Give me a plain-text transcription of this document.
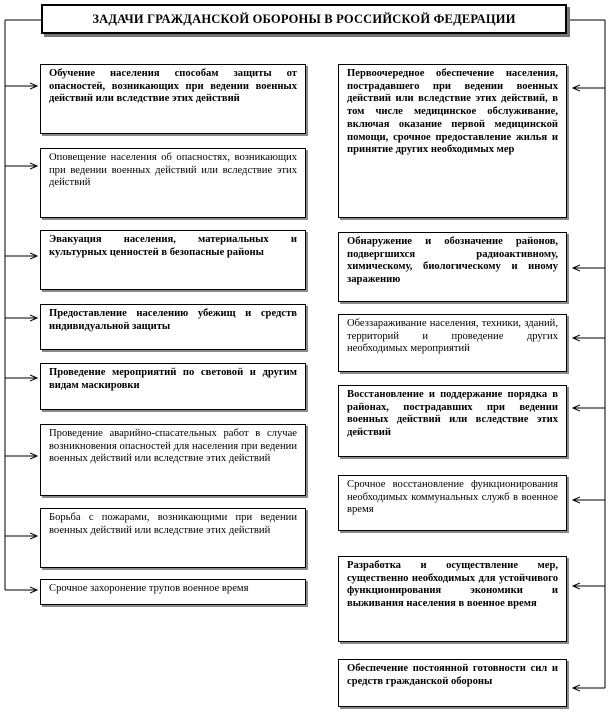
ЗАДАЧИ ГРАЖДАНСКОЙ ОБОРОНЫ В РОССИЙСКОЙ ФЕДЕРАЦИИ
Обучение населения способам защиты от опасностей, возникающих при ведении военных действий или вследствие этих действий
Оповещение населения об опасностях, возникающих при ведении военных действий или вследствие этих действий
Эвакуация населения, материальных и культурных ценностей в безопасные районы
Предоставление населению убежищ и средств индивидуальной защиты
Проведение мероприятий по световой и другим видам маскировки
Проведение аварийно-спасательных работ в случае возникновения опасностей для населения при ведении военных действий или вследствие этих действий
Борьба с пожарами, возникающими при ведении военных действий или вследствие этих действий
Срочное захоронение трупов военное время
Первоочередное обеспечение населения, пострадавшего при ведении военных действий или вследствие этих действий, в том числе медицинское обслуживание, включая оказание первой медицинской помощи, срочное предоставление жилья и принятие других необходимых мер
Обнаружение и обозначение районов, подвергшихся радиоактивному, химическому, биологическому и иному заражению
Обеззараживание населения, техники, зданий, территорий и проведение других необходимых мероприятий
Восстановление и поддержание порядка в районах, пострадавших при ведении военных действий или вследствие этих действий
Срочное восстановление функционирования необходимых коммунальных служб в военное время
Разработка и осуществление мер, существенно необходимых для устойчивого функционирования экономики и выживания населения в военное время
Обеспечение постоянной готовности сил и средств гражданской обороны
